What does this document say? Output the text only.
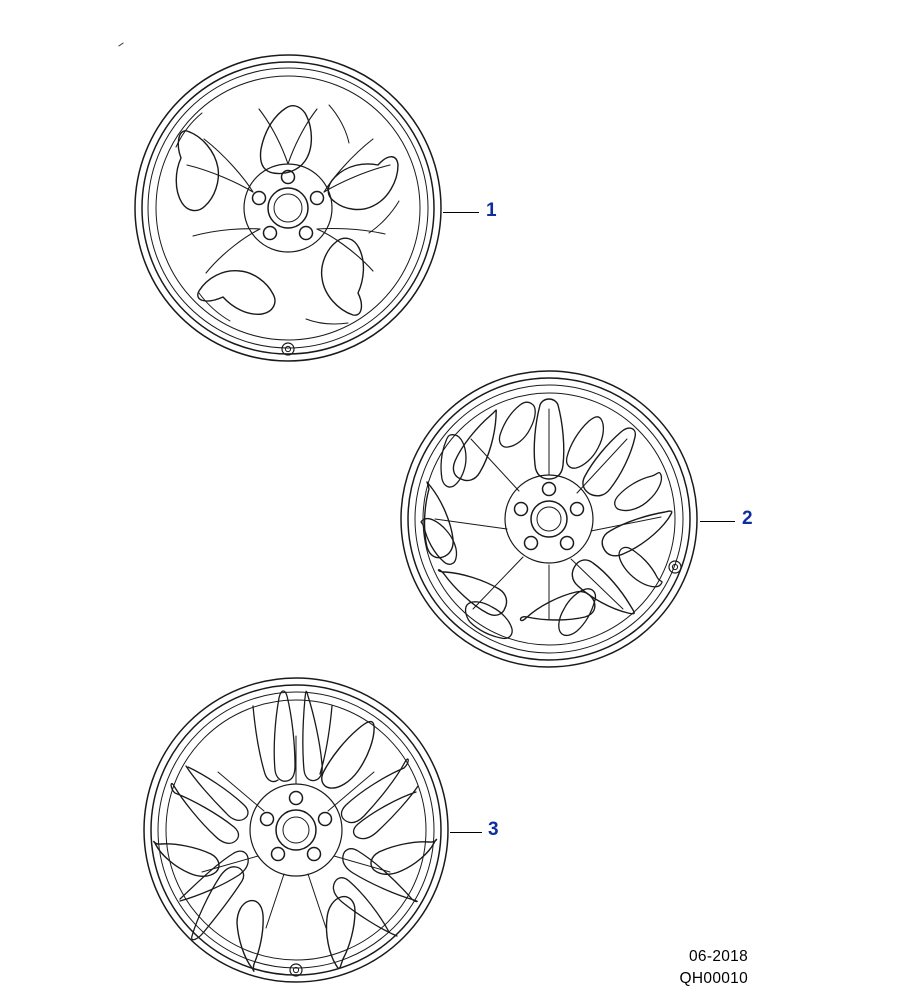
1
2
3
06-2018
QH00010
